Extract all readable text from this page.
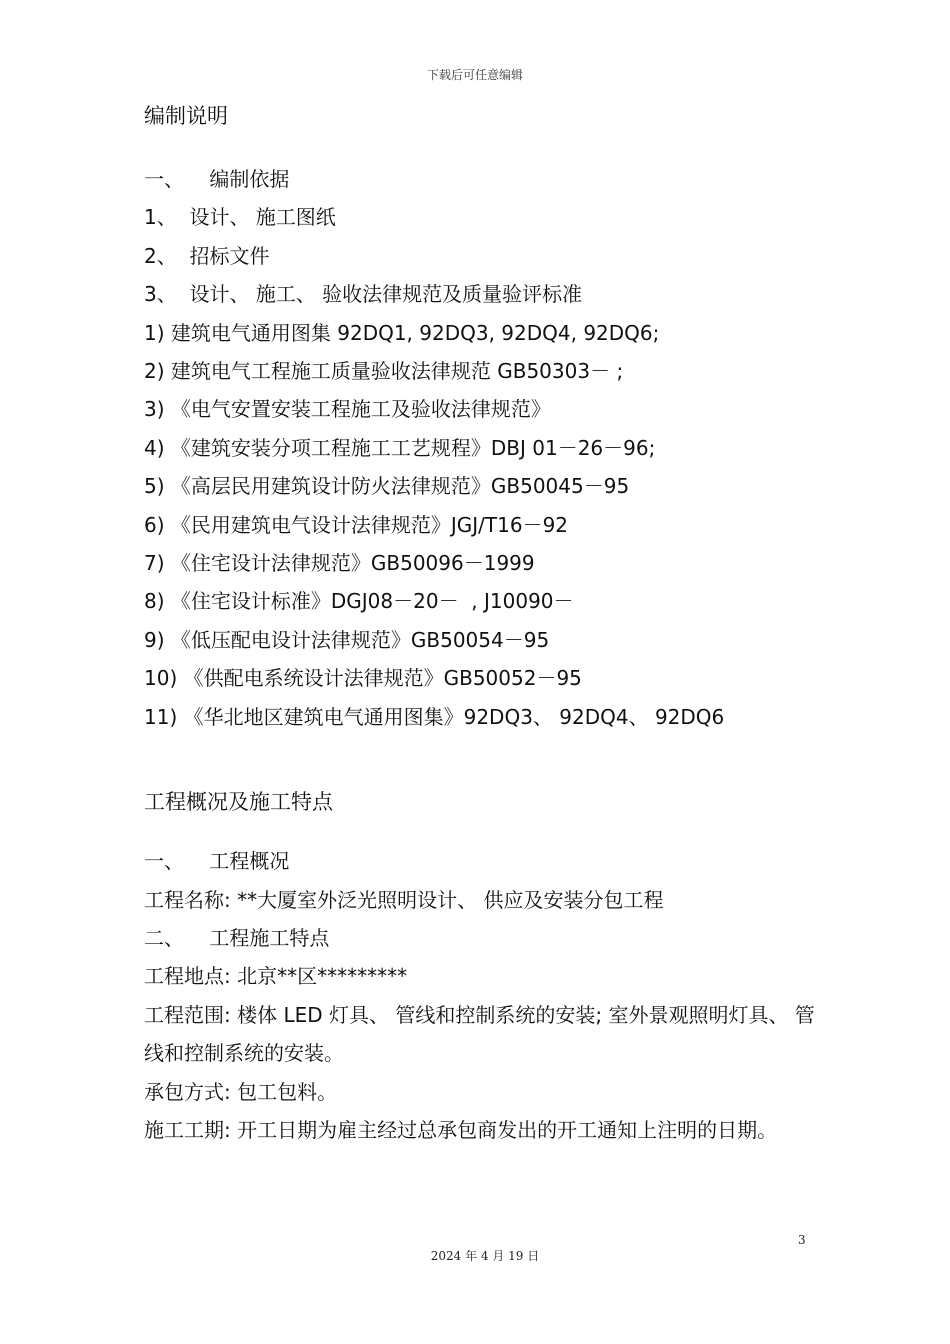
下载后可任意编辑
编制说明
一、    编制依据
1、  设计、 施工图纸
2、  招标文件
3、  设计、 施工、 验收法律规范及质量验评标准
1) 建筑电气通用图集 92DQ1, 92DQ3, 92DQ4, 92DQ6;
2) 建筑电气工程施工质量验收法律规范 GB50303－ ;
3) 《电气安置安装工程施工及验收法律规范》
4) 《建筑安装分项工程施工工艺规程》DBJ 01－26－96;
5) 《高层民用建筑设计防火法律规范》GB50045－95
6) 《民用建筑电气设计法律规范》JGJ/T16－92
7) 《住宅设计法律规范》GB50096－1999
8) 《住宅设计标准》DGJ08－20－  , J10090－
9) 《低压配电设计法律规范》GB50054－95
10) 《供配电系统设计法律规范》GB50052－95
11) 《华北地区建筑电气通用图集》92DQ3、 92DQ4、 92DQ6
工程概况及施工特点
一、    工程概况
工程名称: **大厦室外泛光照明设计、 供应及安装分包工程
二、    工程施工特点
工程地点: 北京**区*********
工程范围: 楼体 LED 灯具、 管线和控制系统的安装; 室外景观照明灯具、 管线和控制系统的安装。
承包方式: 包工包料。
施工工期: 开工日期为雇主经过总承包商发出的开工通知上注明的日期。
3
2024 年 4 月 19 日
